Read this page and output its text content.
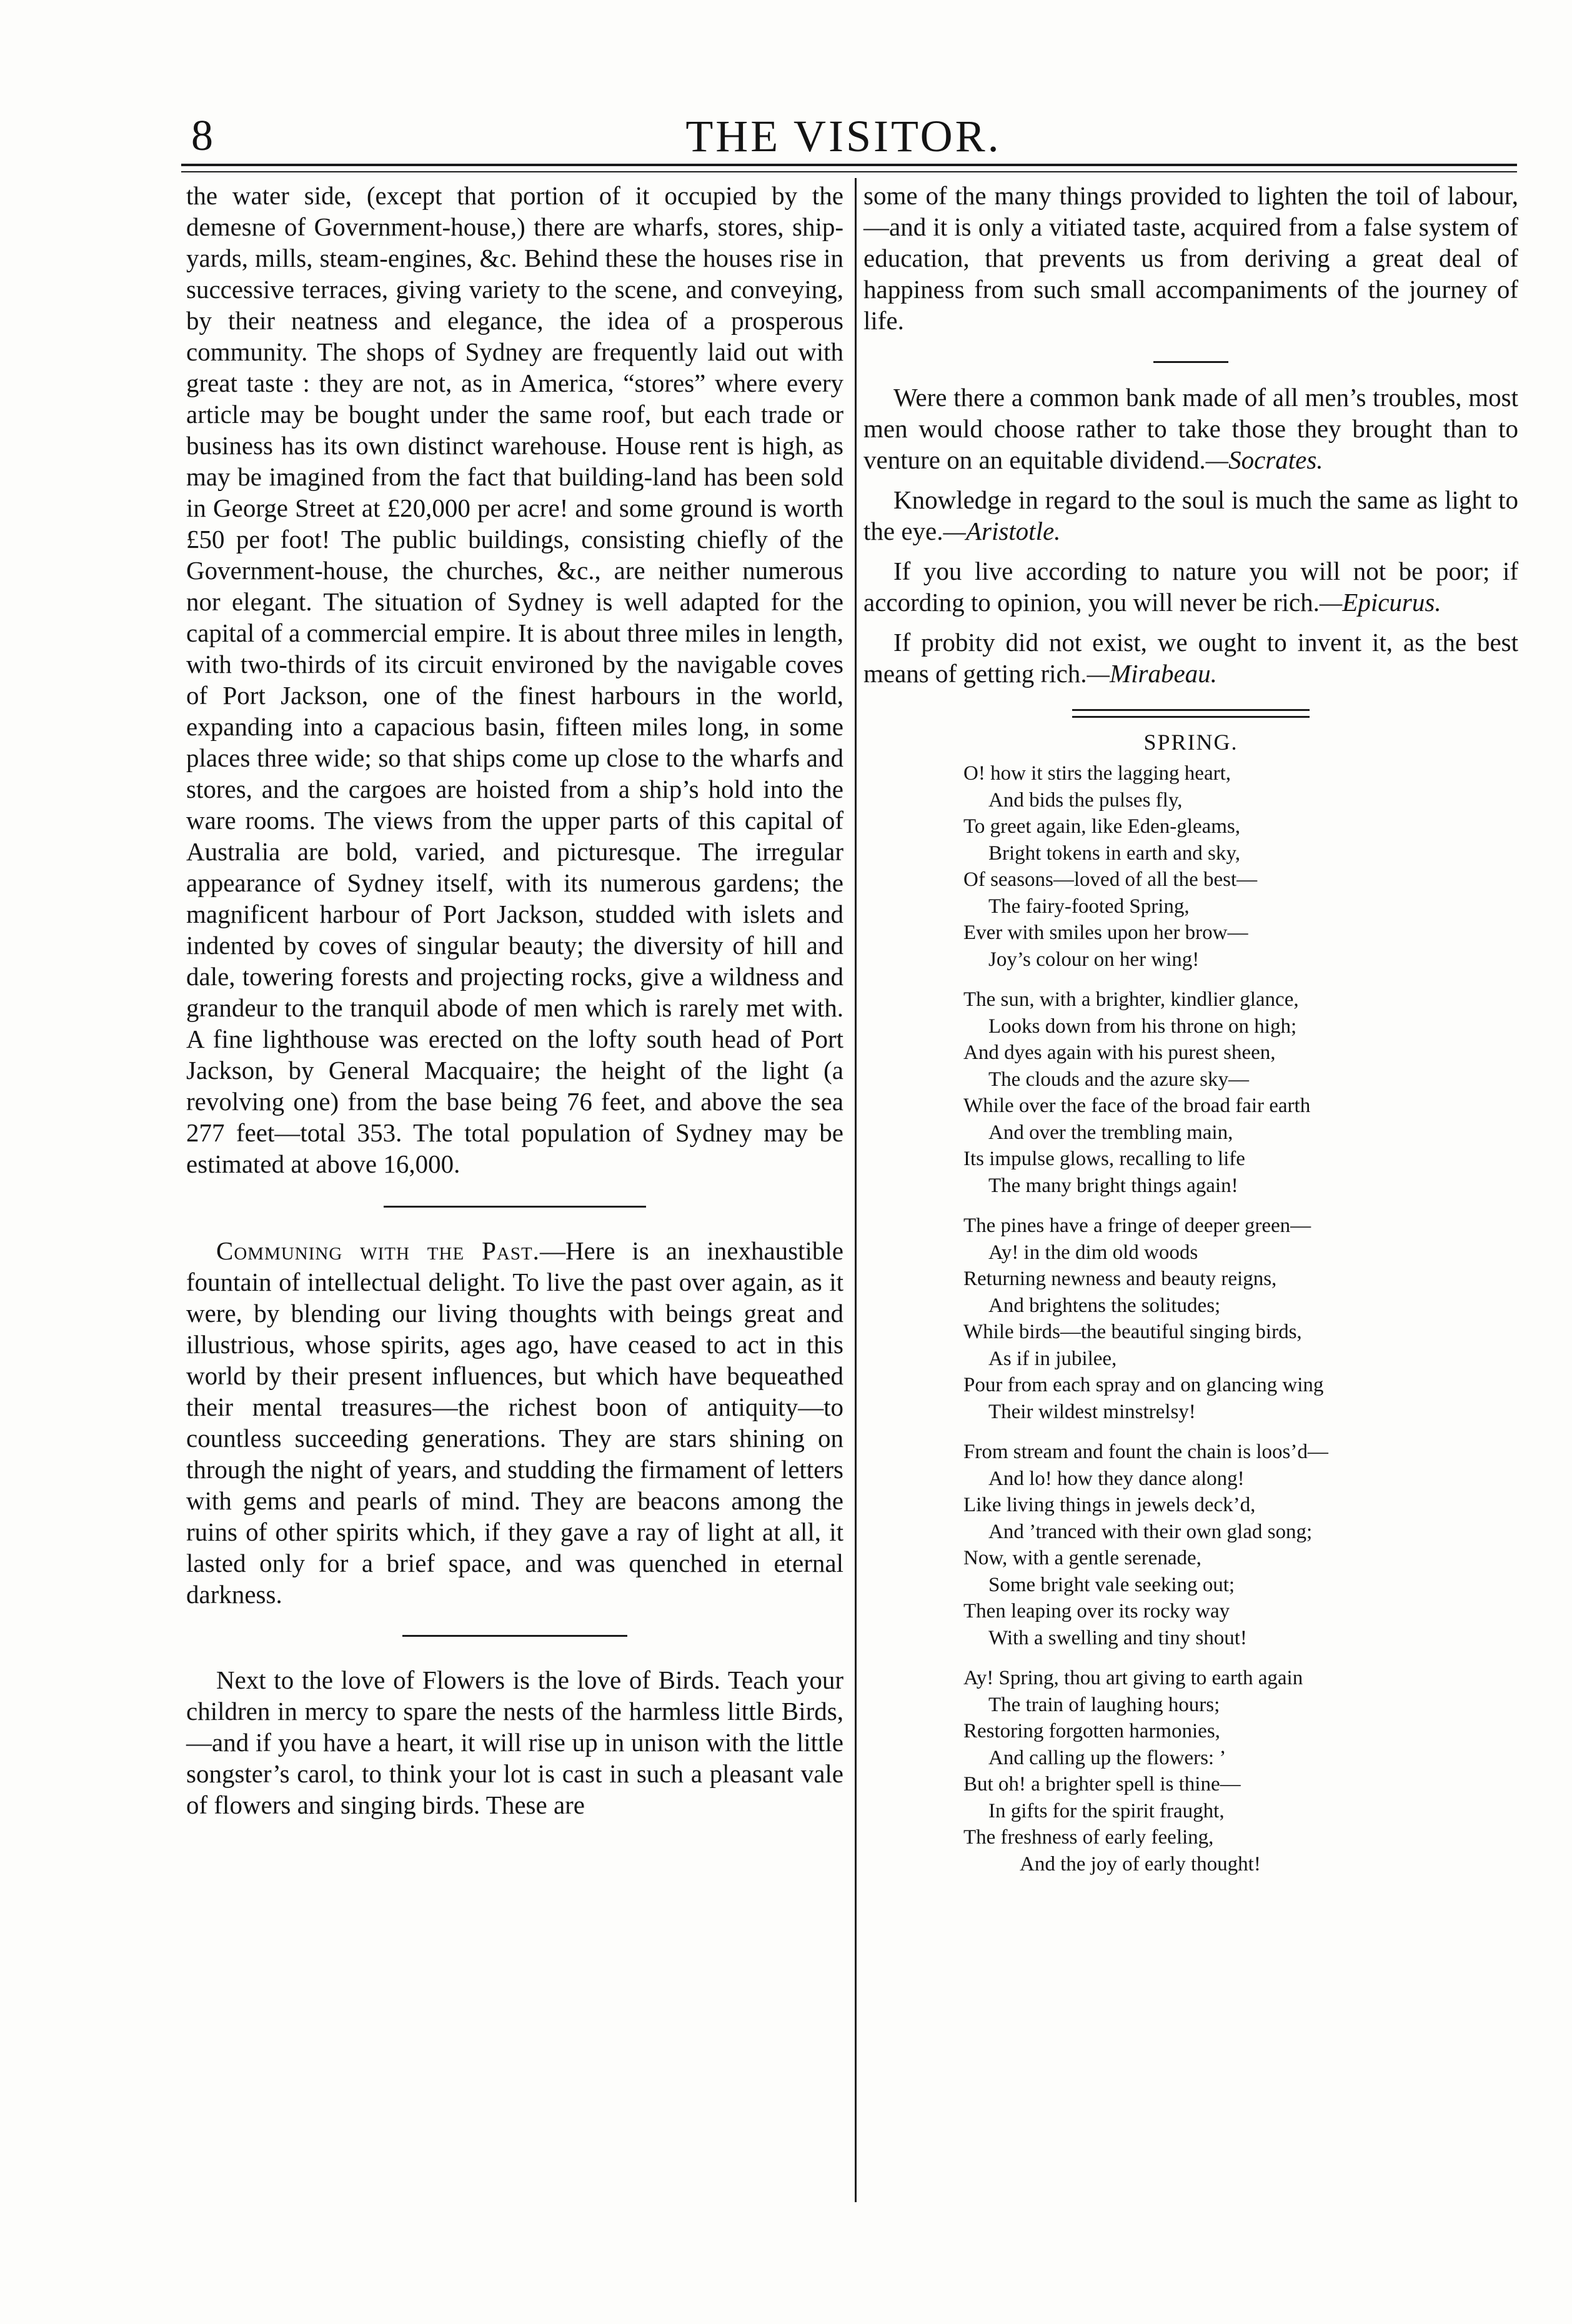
8	THE VISITOR.

the water side, (except that portion of it occupied by the demesne of Government-house,) there are wharfs, stores, ship-yards, mills, steam-engines, &c. Behind these the houses rise in successive terraces, giving variety to the scene, and conveying, by their neatness and elegance, the idea of a prosperous community. The shops of Sydney are frequently laid out with great taste : they are not, as in America, “stores” where every article may be bought under the same roof, but each trade or business has its own distinct warehouse. House rent is high, as may be imagined from the fact that building-land has been sold in George Street at £20,000 per acre! and some ground is worth £50 per foot! The public buildings, consisting chiefly of the Government-house, the churches, &c., are neither numerous nor elegant. The situation of Sydney is well adapted for the capital of a commercial empire. It is about three miles in length, with two-thirds of its circuit environed by the navigable coves of Port Jackson, one of the finest harbours in the world, expanding into a capacious basin, fifteen miles long, in some places three wide; so that ships come up close to the wharfs and stores, and the cargoes are hoisted from a ship’s hold into the ware rooms. The views from the upper parts of this capital of Australia are bold, varied, and picturesque. The irregular appearance of Sydney itself, with its numerous gardens; the magnificent harbour of Port Jackson, studded with islets and indented by coves of singular beauty; the diversity of hill and dale, towering forests and projecting rocks, give a wildness and grandeur to the tranquil abode of men which is rarely met with. A fine lighthouse was erected on the lofty south head of Port Jackson, by General Macquaire; the height of the light (a revolving one) from the base being 76 feet, and above the sea 277 feet—total 353. The total population of Sydney may be estimated at above 16,000.

Communing with the Past.—Here is an inexhaustible fountain of intellectual delight. To live the past over again, as it were, by blending our living thoughts with beings great and illustrious, whose spirits, ages ago, have ceased to act in this world by their present influences, but which have bequeathed their mental treasures—the richest boon of antiquity—to countless succeeding generations. They are stars shining on through the night of years, and studding the firmament of letters with gems and pearls of mind. They are beacons among the ruins of other spirits which, if they gave a ray of light at all, it lasted only for a brief space, and was quenched in eternal darkness.

Next to the love of Flowers is the love of Birds. Teach your children in mercy to spare the nests of the harmless little Birds,—and if you have a heart, it will rise up in unison with the little songster’s carol, to think your lot is cast in such a pleasant vale of flowers and singing birds. These are

some of the many things provided to lighten the toil of labour,—and it is only a vitiated taste, acquired from a false system of education, that prevents us from deriving a great deal of happiness from such small accompaniments of the journey of life.

Were there a common bank made of all men’s troubles, most men would choose rather to take those they brought than to venture on an equitable dividend.—Socrates.

Knowledge in regard to the soul is much the same as light to the eye.—Aristotle.

If you live according to nature you will not be poor; if according to opinion, you will never be rich.—Epicurus.

If probity did not exist, we ought to invent it, as the best means of getting rich.—Mirabeau.

SPRING.
O! how it stirs the lagging heart,
And bids the pulses fly,
To greet again, like Eden-gleams,
Bright tokens in earth and sky,
Of seasons—loved of all the best—
The fairy-footed Spring,
Ever with smiles upon her brow—
Joy’s colour on her wing!
The sun, with a brighter, kindlier glance,
Looks down from his throne on high;
And dyes again with his purest sheen,
The clouds and the azure sky—
While over the face of the broad fair earth
And over the trembling main,
Its impulse glows, recalling to life
The many bright things again!
The pines have a fringe of deeper green—
Ay! in the dim old woods
Returning newness and beauty reigns,
And brightens the solitudes;
While birds—the beautiful singing birds,
As if in jubilee,
Pour from each spray and on glancing wing
Their wildest minstrelsy!
From stream and fount the chain is loos’d—
And lo! how they dance along!
Like living things in jewels deck’d,
And ’tranced with their own glad song;
Now, with a gentle serenade,
Some bright vale seeking out;
Then leaping over its rocky way
With a swelling and tiny shout!
Ay! Spring, thou art giving to earth again
The train of laughing hours;
Restoring forgotten harmonies,
And calling up the flowers: ’
But oh! a brighter spell is thine—
In gifts for the spirit fraught,
The freshness of early feeling,
And the joy of early thought!
